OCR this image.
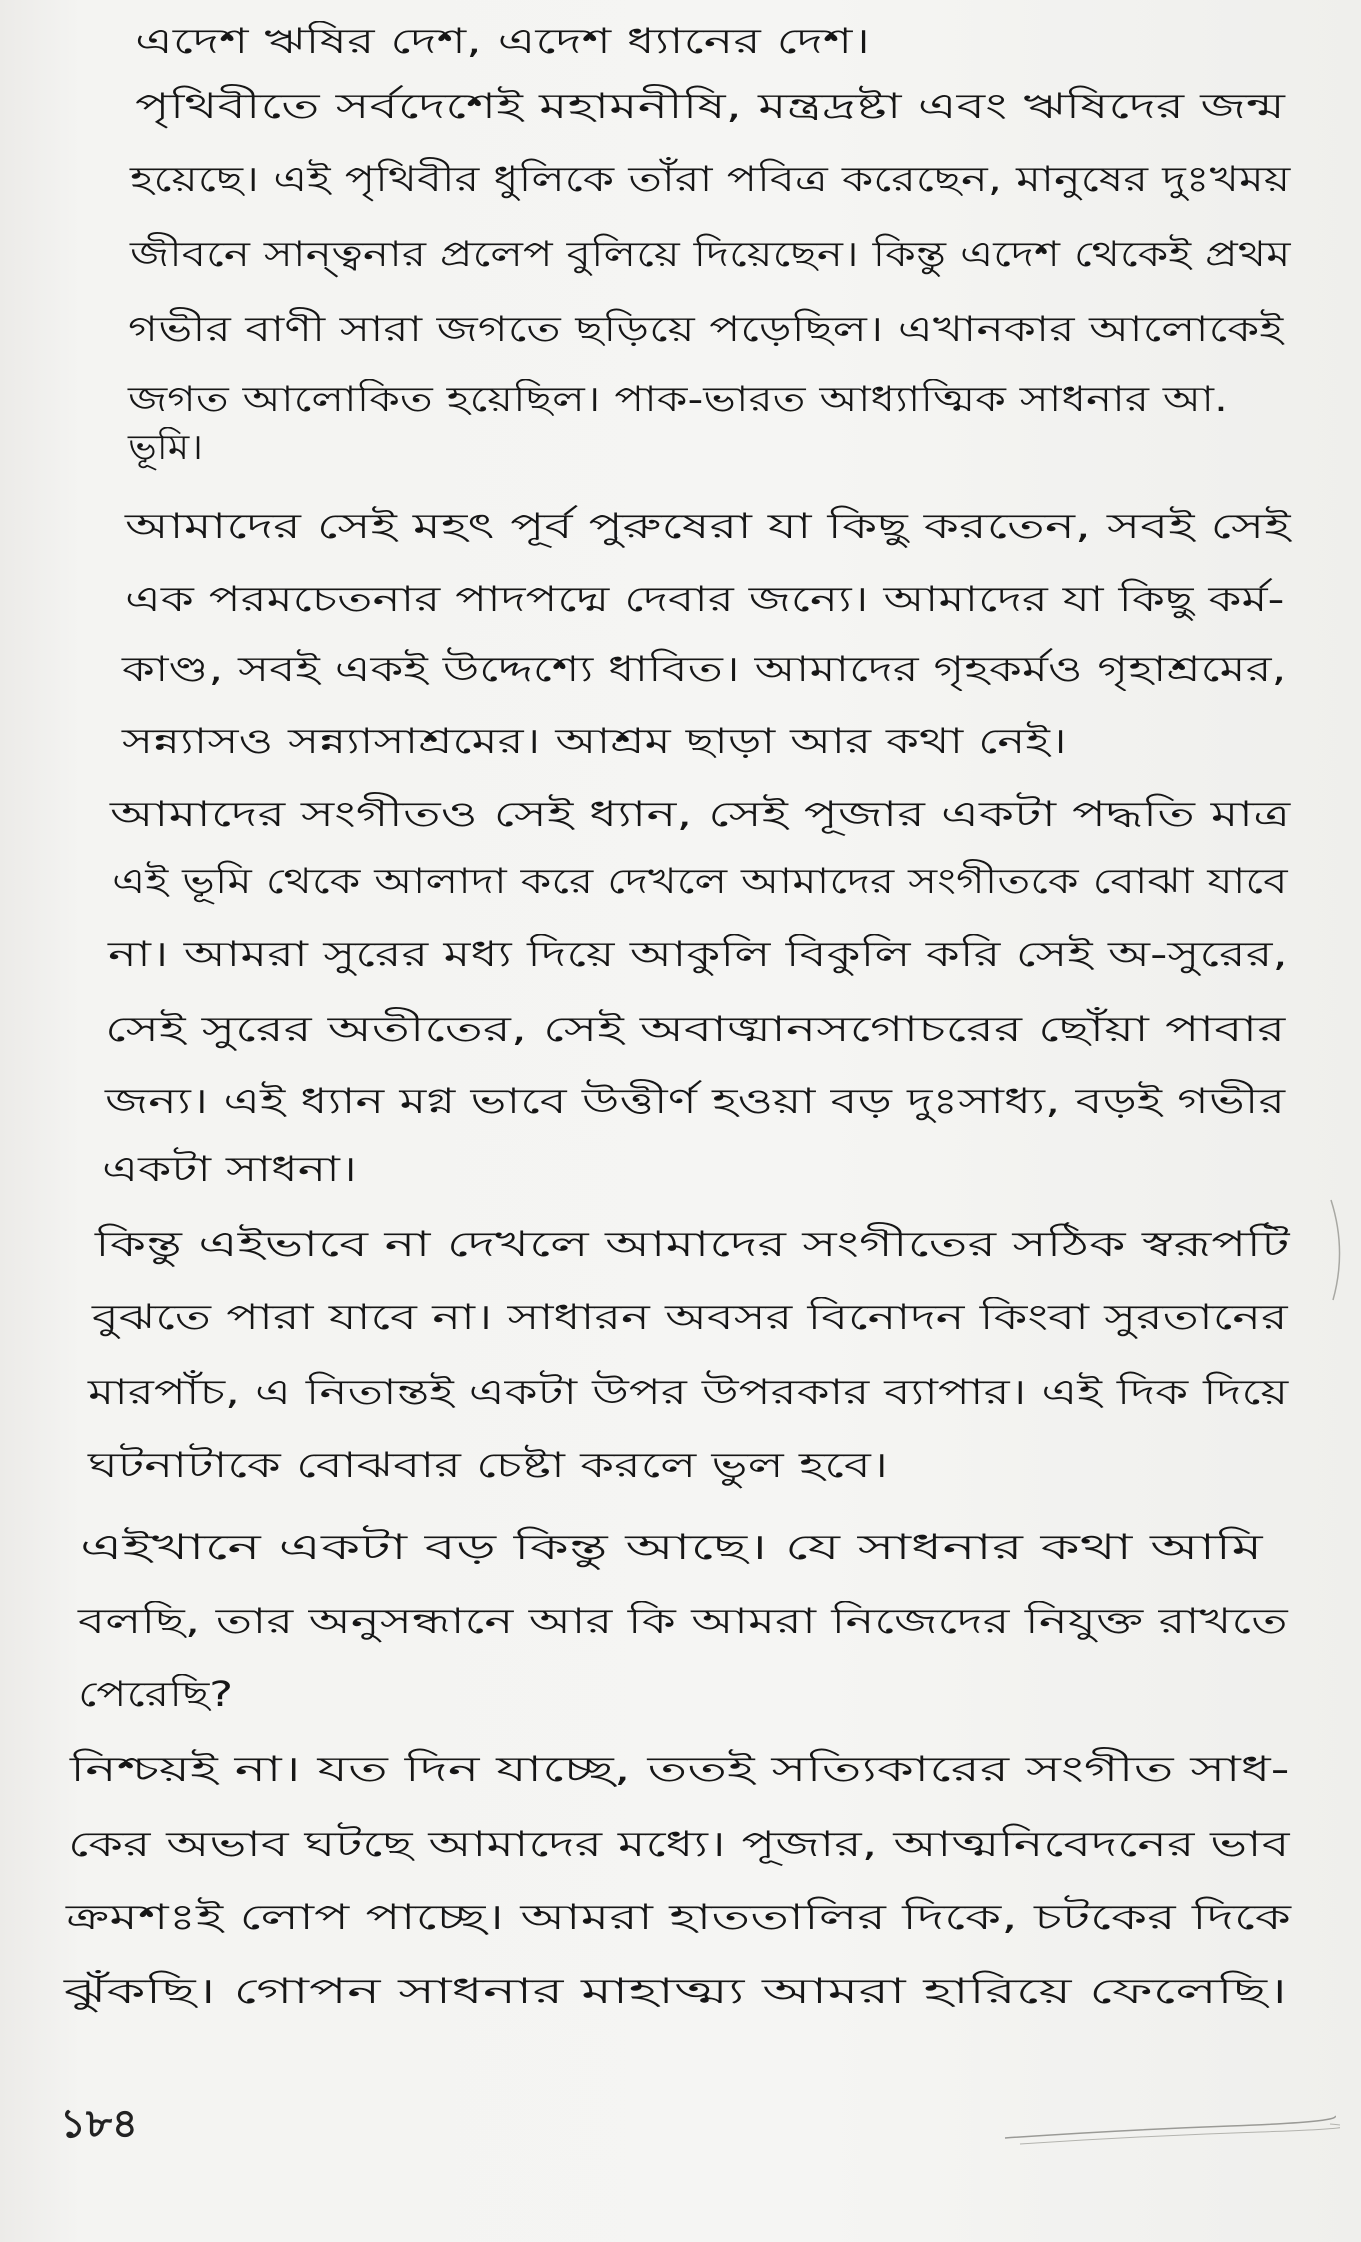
এদেশ ঋষির দেশ, এদেশ ধ্যানের দেশ।
পৃথিবীতে সর্বদেশেই মহামনীষি, মন্ত্রদ্রষ্টা এবং ঋষিদের জন্ম
হয়েছে। এই পৃথিবীর ধুলিকে তাঁরা পবিত্র করেছেন, মানুষের দুঃখময়
জীবনে সান্ত্বনার প্রলেপ বুলিয়ে দিয়েছেন। কিন্তু এদেশ থেকেই প্রথম
গভীর বাণী সারা জগতে ছড়িয়ে পড়েছিল। এখানকার আলোকেই
জগত আলোকিত হয়েছিল। পাক-ভারত আধ্যাত্মিক সাধনার আ.
ভূমি।
আমাদের সেই মহৎ পূর্ব পুরুষেরা যা কিছু করতেন, সবই সেই
এক পরমচেতনার পাদপদ্মে দেবার জন্যে। আমাদের যা কিছু কর্ম-
কাণ্ড, সবই একই উদ্দেশ্যে ধাবিত। আমাদের গৃহকর্মও গৃহাশ্রমের,
সন্ন্যাসও সন্ন্যাসাশ্রমের। আশ্রম ছাড়া আর কথা নেই।
আমাদের সংগীতও সেই ধ্যান, সেই পূজার একটা পদ্ধতি মাত্র
এই ভূমি থেকে আলাদা করে দেখলে আমাদের সংগীতকে বোঝা যাবে
না। আমরা সুরের মধ্য দিয়ে আকুলি বিকুলি করি সেই অ-সুরের,
সেই সুরের অতীতের, সেই অবাঙ্মানসগোচরের ছোঁয়া পাবার
জন্য। এই ধ্যান মগ্ন ভাবে উত্তীর্ণ হওয়া বড় দুঃসাধ্য, বড়ই গভীর
একটা সাধনা।
কিন্তু এইভাবে না দেখলে আমাদের সংগীতের সঠিক স্বরূপটি
বুঝতে পারা যাবে না। সাধারন অবসর বিনোদন কিংবা সুরতানের
মারপাঁচ, এ নিতান্তই একটা উপর উপরকার ব্যাপার। এই দিক দিয়ে
ঘটনাটাকে বোঝবার চেষ্টা করলে ভুল হবে।
এইখানে একটা বড় কিন্তু আছে। যে সাধনার কথা আমি
বলছি, তার অনুসন্ধানে আর কি আমরা নিজেদের নিযুক্ত রাখতে
পেরেছি?
নিশ্চয়ই না। যত দিন যাচ্ছে, ততই সত্যিকারের সংগীত সাধ-
কের অভাব ঘটছে আমাদের মধ্যে। পূজার, আত্মনিবেদনের ভাব
ক্রমশঃই লোপ পাচ্ছে। আমরা হাততালির দিকে, চটকের দিকে
ঝুঁকছি। গোপন সাধনার মাহাত্ম্য আমরা হারিয়ে ফেলেছি।
১৮৪
